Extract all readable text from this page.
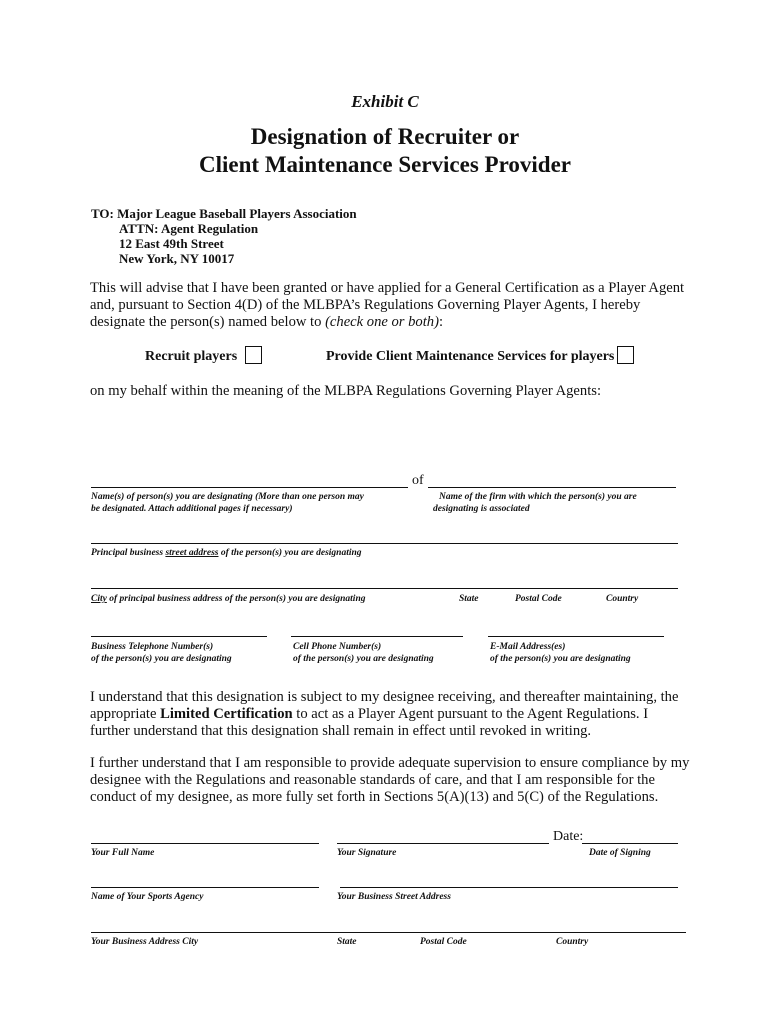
Exhibit C
Designation of Recruiter or
Client Maintenance Services Provider
TO: Major League Baseball Players Association
ATTN: Agent Regulation
12 East 49th Street
New York, NY 10017
This will advise that I have been granted or have applied for a General Certification as a Player Agent and, pursuant to Section 4(D) of the MLBPA’s Regulations Governing Player Agents, I hereby designate the person(s) named below to (check one or both):
Recruit players	Provide Client Maintenance Services for players
on my behalf within the meaning of the MLBPA Regulations Governing Player Agents:
of
Name(s) of person(s) you are designating (More than one person may
be designated. Attach additional pages if necessary)
Name of the firm with which the person(s) you are
designating is associated
Principal business street address of the person(s) you are designating
City of principal business address of the person(s) you are designating	State	Postal Code	Country
Business Telephone Number(s)
of the person(s) you are designating
Cell Phone Number(s)
of the person(s) you are designating
E-Mail Address(es)
of the person(s) you are designating
I understand that this designation is subject to my designee receiving, and thereafter maintaining, the appropriate Limited Certification to act as a Player Agent pursuant to the Agent Regulations. I further understand that this designation shall remain in effect until revoked in writing.
I further understand that I am responsible to provide adequate supervision to ensure compliance by my designee with the Regulations and reasonable standards of care, and that I am responsible for the conduct of my designee, as more fully set forth in Sections 5(A)(13) and 5(C) of the Regulations.
Date:
Your Full Name	Your Signature	Date of Signing
Name of Your Sports Agency	Your Business Street Address
Your Business Address City	State	Postal Code	Country
